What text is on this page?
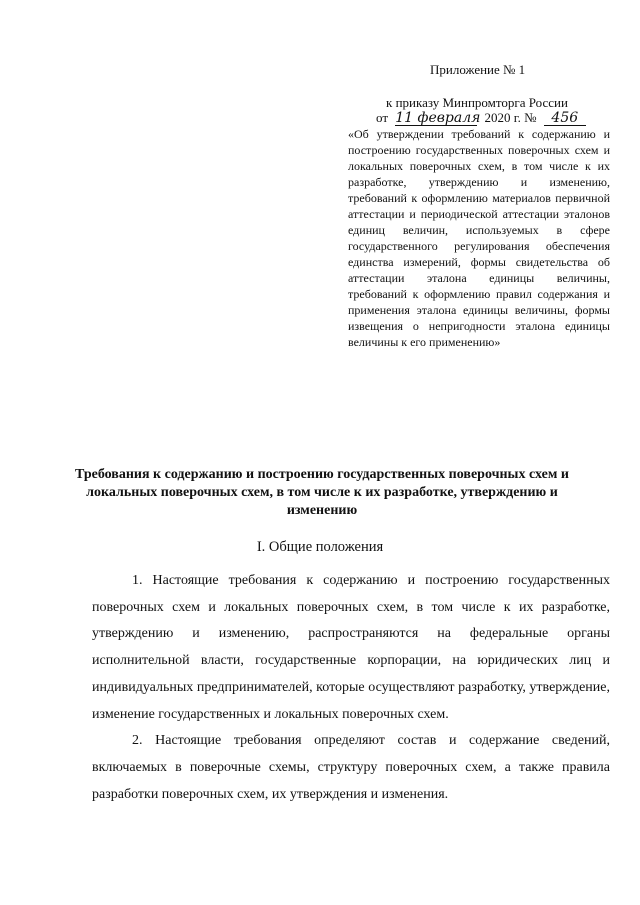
Приложение № 1
к приказу Минпромторга России
от 11 февраля 2020 г. № 456
«Об утверждении требований к содержанию и построению государственных поверочных схем и локальных поверочных схем, в том числе к их разработке, утверждению и изменению, требований к оформлению материалов первичной аттестации и периодической аттестации эталонов единиц величин, используемых в сфере государственного регулирования обеспечения единства измерений, формы свидетельства об аттестации эталона единицы величины, требований к оформлению правил содержания и применения эталона единицы величины, формы извещения о непригодности эталона единицы величины к его применению»
Требования к содержанию и построению государственных поверочных схем и локальных поверочных схем, в том числе к их разработке, утверждению и изменению
I. Общие положения

1. Настоящие требования к содержанию и построению государственных поверочных схем и локальных поверочных схем, в том числе к их разработке, утверждению и изменению, распространяются на федеральные органы исполнительной власти, государственные корпорации, на юридических лиц и индивидуальных предпринимателей, которые осуществляют разработку, утверждение, изменение государственных и локальных поверочных схем.

2. Настоящие требования определяют состав и содержание сведений, включаемых в поверочные схемы, структуру поверочных схем, а также правила разработки поверочных схем, их утверждения и изменения.
